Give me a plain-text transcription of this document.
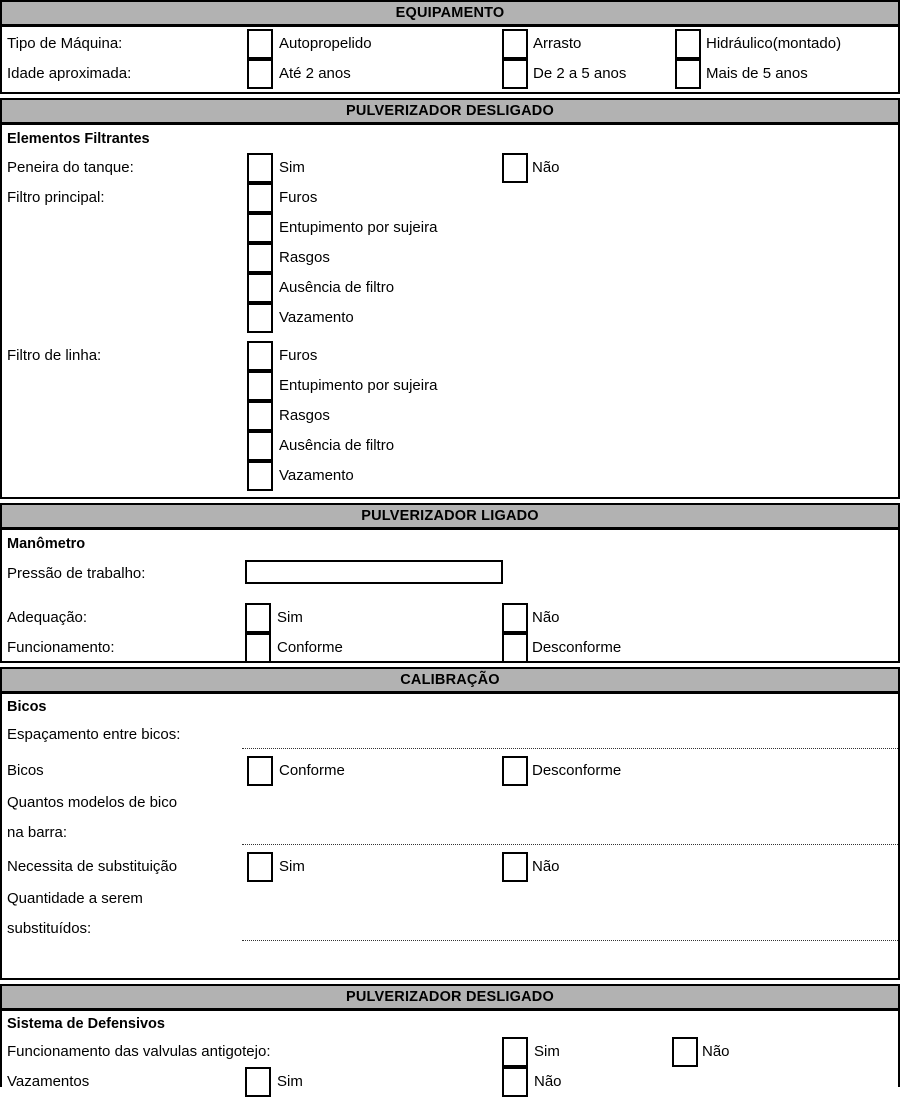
EQUIPAMENTO
Tipo de Máquina:	Autopropelido	Arrasto	Hidráulico(montado)
Idade aproximada:	Até 2 anos	De 2 a 5 anos	Mais de 5 anos
PULVERIZADOR DESLIGADO
Elementos Filtrantes
Peneira do tanque:	Sim	Não
Filtro principal:	Furos
Entupimento por sujeira
Rasgos
Ausência de filtro
Vazamento
Filtro de linha:	Furos
Entupimento por sujeira
Rasgos
Ausência de filtro
Vazamento
PULVERIZADOR LIGADO
Manômetro
Pressão de trabalho:
Adequação:	Sim	Não
Funcionamento:	Conforme	Desconforme
CALIBRAÇÃO
Bicos
Espaçamento entre bicos:
Bicos	Conforme	Desconforme
Quantos modelos de bico
na barra:
Necessita de substituição	Sim	Não
Quantidade a serem
substituídos:
PULVERIZADOR DESLIGADO
Sistema de Defensivos
Funcionamento das valvulas antigotejo:	Sim	Não
Vazamentos	Sim	Não
